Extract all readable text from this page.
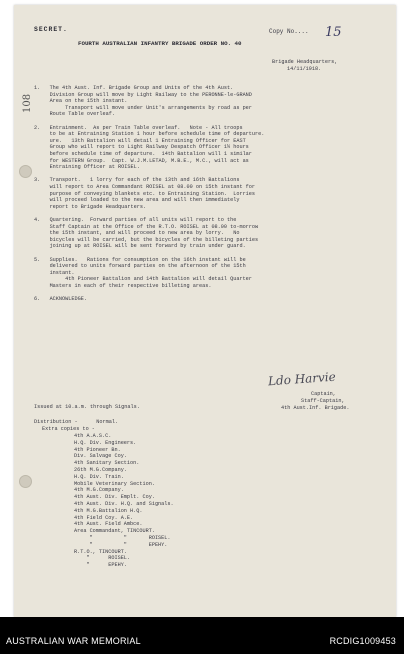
SECRET.	Copy No.... 15
108
FOURTH AUSTRALIAN INFANTRY BRIGADE ORDER NO. 40
Brigade Headquarters,
14/11/1918.
1.   The 4th Aust. Inf. Brigade Group and Units of the 4th Aust.
Division Group will move by Light Railway to the PERONNE-le-GRAND
Area on the 15th instant.
Transport will move under Unit's arrangements by road as per
Route Table overleaf.
2.   Entrainment.  As per Train Table overleaf.   Note - All troops
to be at Entraining Station 1 hour before schedule time of departure.
ure.   13th Battalion will detail 1 Entraining Officer for EAST
Group who will report to Light Railway Despatch Officer 1½ hours
before schedule time of departure.  14th Battalion will 1 similar
for WESTERN Group.  Capt. W.J.M.LETAD, M.B.E., M.C., will act as
Entraining Officer at ROISEL.
3.   Transport.   1 lorry for each of the 13th and 16th Battalions
will report to Area Commandant ROISEL at 08.00 on 15th instant for
purpose of conveying blankets etc. to Entraining Station.  Lorries
will proceed loaded to the new area and will then immediately
report to Brigade Headquarters.
4.   Quartering.  Forward parties of all units will report to the
Staff Captain at the Office of the R.T.O. ROISEL at 08.00 to-morrow
the 15th instant, and will proceed to new area by lorry.   No
bicycles will be carried, but the bicycles of the billeting parties
joining up at ROISEL will be sent forward by train under guard.
5.   Supplies.   Rations for consumption on the 16th instant will be
delivered to units forward parties on the afternoon of the 15th
instant.
4th Pioneer Battalion and 14th Battalion will detail Quarter
Masters in each of their respective billeting areas.
6.   ACKNOWLEDGE.
Ldo Harvie
Captain,
Staff-Captain,
4th Aust.Inf. Brigade.
Issued at 10.a.m. through Signals.
Distribution -      Normal.
Extra copies to -
4th A.A.S.C.
H.Q. Div. Engineers.
4th Pioneer Bn.
Div. Salvage Coy.
4th Sanitary Section.
26th M.G.Company.
H.Q. Div. Train.
Mobile Veterinary Section.
4th M.G.Company.
4th Aust. Div. Emplt. Coy.
4th Aust. Div. H.Q. and Signals.
4th M.G.Battalion H.Q.
4th Field Coy. A.E.
4th Aust. Field Ambce.
Area Commandant, TINCOURT.
"          "       ROISEL.
"          "       EPEHY.
R.T.O., TINCOURT.
"      ROISEL.
"      EPEHY.
AUSTRALIAN WAR MEMORIAL	RCDIG1009453
